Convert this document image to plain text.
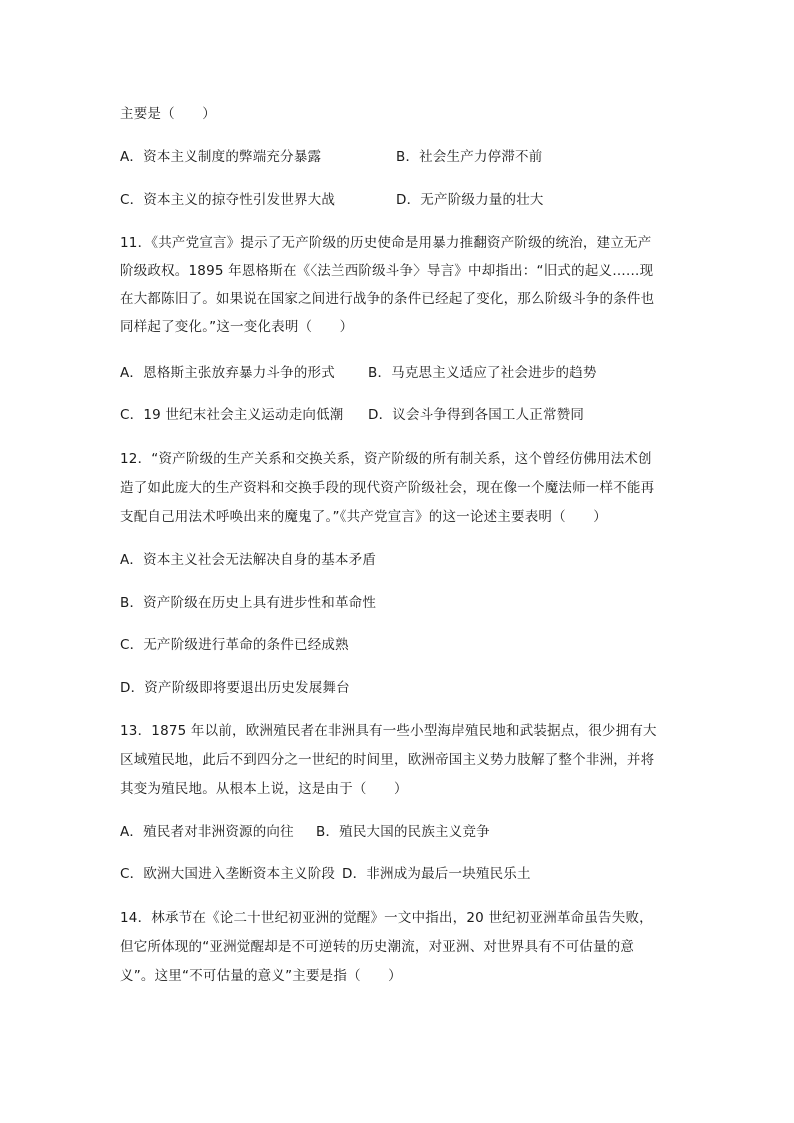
主要是（　　）
A．资本主义制度的弊端充分暴露	B．社会生产力停滞不前
C．资本主义的掠夺性引发世界大战	D．无产阶级力量的壮大
11．《共产党宣言》提示了无产阶级的历史使命是用暴力推翻资产阶级的统治，建立无产
阶级政权。1895 年恩格斯在《〈法兰西阶级斗争〉导言》中却指出：“旧式的起义……现
在大都陈旧了。如果说在国家之间进行战争的条件已经起了变化，那么阶级斗争的条件也
同样起了变化。”这一变化表明（　　）
A．恩格斯主张放弃暴力斗争的形式 B．马克思主义适应了社会进步的趋势
C．19 世纪末社会主义运动走向低潮 D．议会斗争得到各国工人正常赞同
12．“资产阶级的生产关系和交换关系，资产阶级的所有制关系，这个曾经仿佛用法术创
造了如此庞大的生产资料和交换手段的现代资产阶级社会，现在像一个魔法师一样不能再
支配自己用法术呼唤出来的魔鬼了。”《共产党宣言》的这一论述主要表明（　　）
A．资本主义社会无法解决自身的基本矛盾
B．资产阶级在历史上具有进步性和革命性
C．无产阶级进行革命的条件已经成熟
D．资产阶级即将要退出历史发展舞台
13．1875 年以前，欧洲殖民者在非洲具有一些小型海岸殖民地和武装据点，很少拥有大
区域殖民地，此后不到四分之一世纪的时间里，欧洲帝国主义势力肢解了整个非洲，并将
其变为殖民地。从根本上说，这是由于（　　）
A．殖民者对非洲资源的向往 B．殖民大国的民族主义竞争
C．欧洲大国进入垄断资本主义阶段 D．非洲成为最后一块殖民乐土
14．林承节在《论二十世纪初亚洲的觉醒》一文中指出，20 世纪初亚洲革命虽告失败，
但它所体现的“亚洲觉醒却是不可逆转的历史潮流，对亚洲、对世界具有不可估量的意
义”。这里“不可估量的意义”主要是指（　　）
